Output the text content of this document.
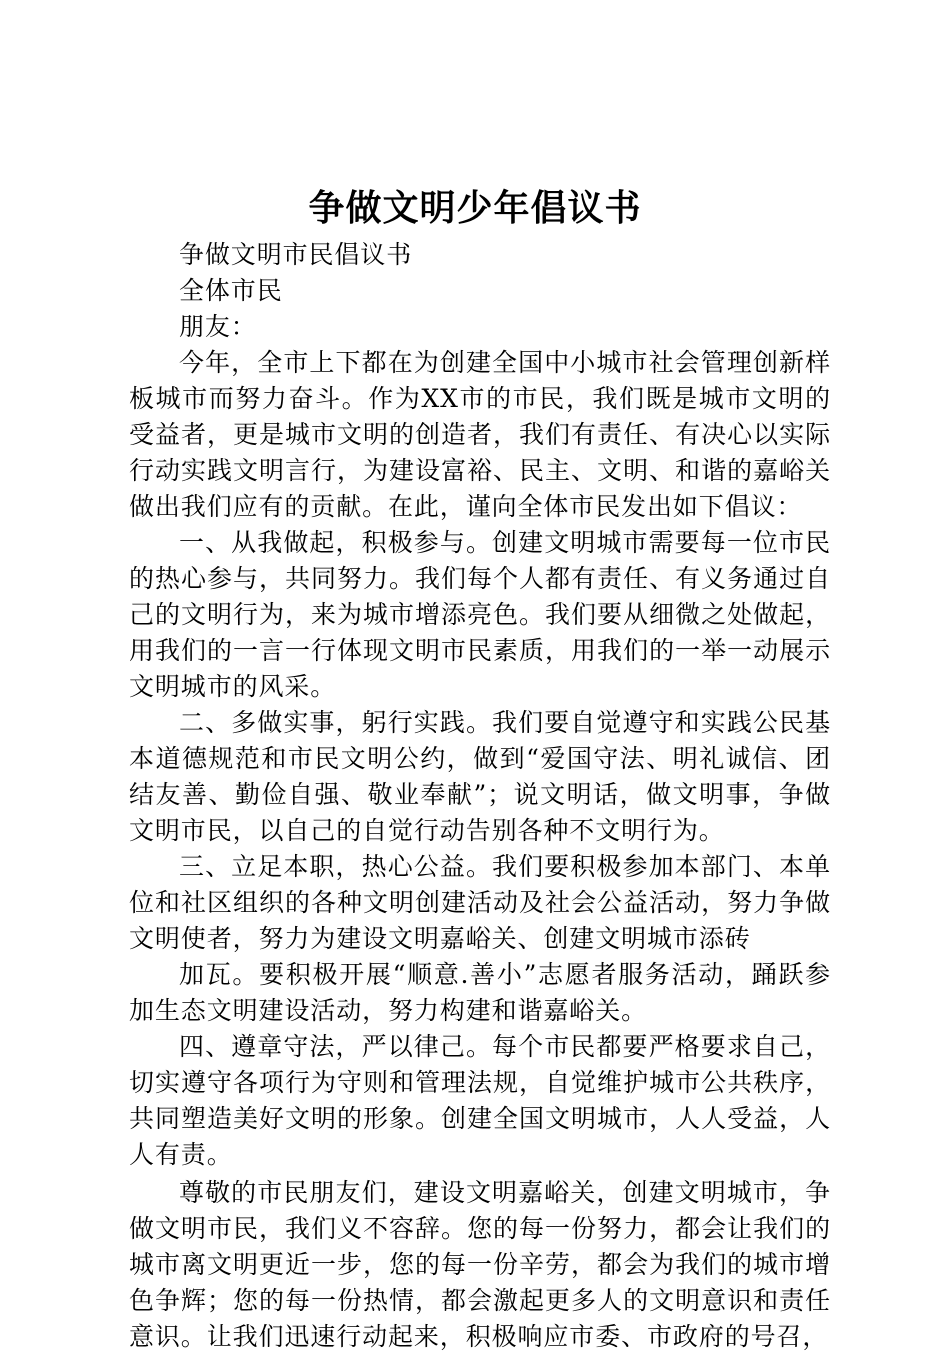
争做文明少年倡议书

争做文明市民倡议书

全体市民

朋友：

今年，全市上下都在为创建全国中小城市社会管理创新样板城市而努力奋斗。作为XX市的市民，我们既是城市文明的受益者，更是城市文明的创造者，我们有责任、有决心以实际行动实践文明言行，为建设富裕、民主、文明、和谐的嘉峪关做出我们应有的贡献。在此，谨向全体市民发出如下倡议：

一、从我做起，积极参与。创建文明城市需要每一位市民的热心参与，共同努力。我们每个人都有责任、有义务通过自己的文明行为，来为城市增添亮色。我们要从细微之处做起，用我们的一言一行体现文明市民素质，用我们的一举一动展示文明城市的风采。

二、多做实事，躬行实践。我们要自觉遵守和实践公民基本道德规范和市民文明公约，做到“爱国守法、明礼诚信、团结友善、勤俭自强、敬业奉献”；说文明话，做文明事，争做文明市民，以自己的自觉行动告别各种不文明行为。

三、立足本职，热心公益。我们要积极参加本部门、本单位和社区组织的各种文明创建活动及社会公益活动，努力争做文明使者，努力为建设文明嘉峪关、创建文明城市添砖

加瓦。要积极开展“顺意.善小”志愿者服务活动，踊跃参加生态文明建设活动，努力构建和谐嘉峪关。

四、遵章守法，严以律己。每个市民都要严格要求自己，切实遵守各项行为守则和管理法规，自觉维护城市公共秩序，共同塑造美好文明的形象。创建全国文明城市，人人受益，人人有责。

尊敬的市民朋友们，建设文明嘉峪关，创建文明城市，争做文明市民，我们义不容辞。您的每一份努力，都会让我们的城市离文明更近一步，您的每一份辛劳，都会为我们的城市增色争辉；您的每一份热情，都会激起更多人的文明意识和责任意识。让我们迅速行动起来，积极响应市委、市政府的号召，
